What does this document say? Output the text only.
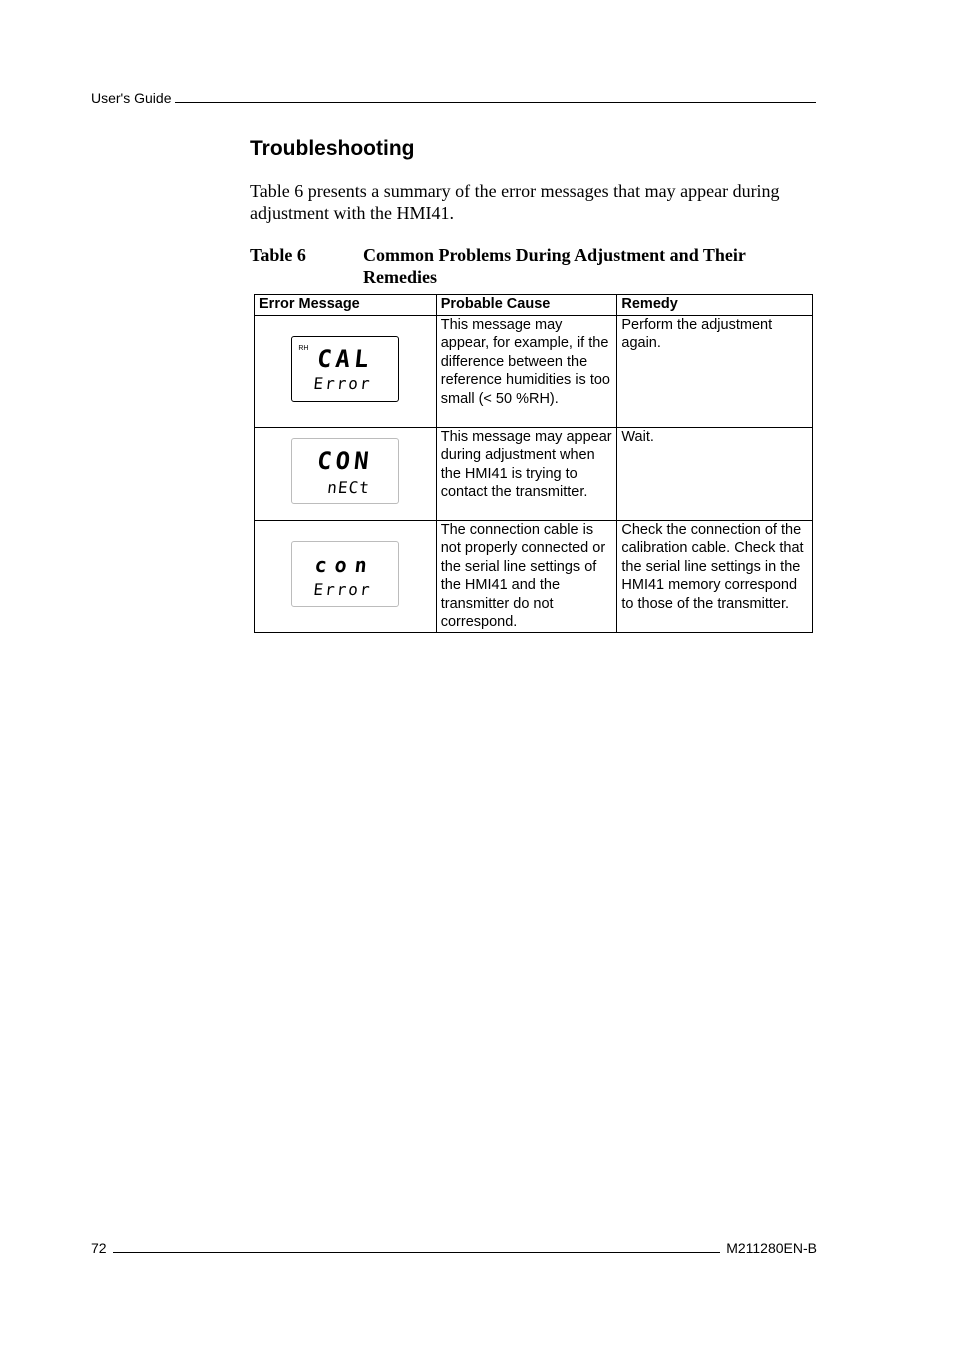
User's Guide
Troubleshooting

Table 6 presents a summary of the error messages that may appear during adjustment with the HMI41.

Table 6	Common Problems During Adjustment and Their Remedies
Error Message	Probable Cause	Remedy

RH CAL
Error	This message may appear, for example, if the difference between the reference humidities is too small (< 50 %RH).	Perform the adjustment again.

CON
nECt	This message may appear during adjustment when the HMI41 is trying to contact the transmitter.	Wait.

con
Error	The connection cable is not properly connected or the serial line settings of the HMI41 and the transmitter do not correspond.	Check the connection of the calibration cable. Check that the serial line settings in the HMI41 memory correspond to those of the transmitter.
72	M211280EN-B
